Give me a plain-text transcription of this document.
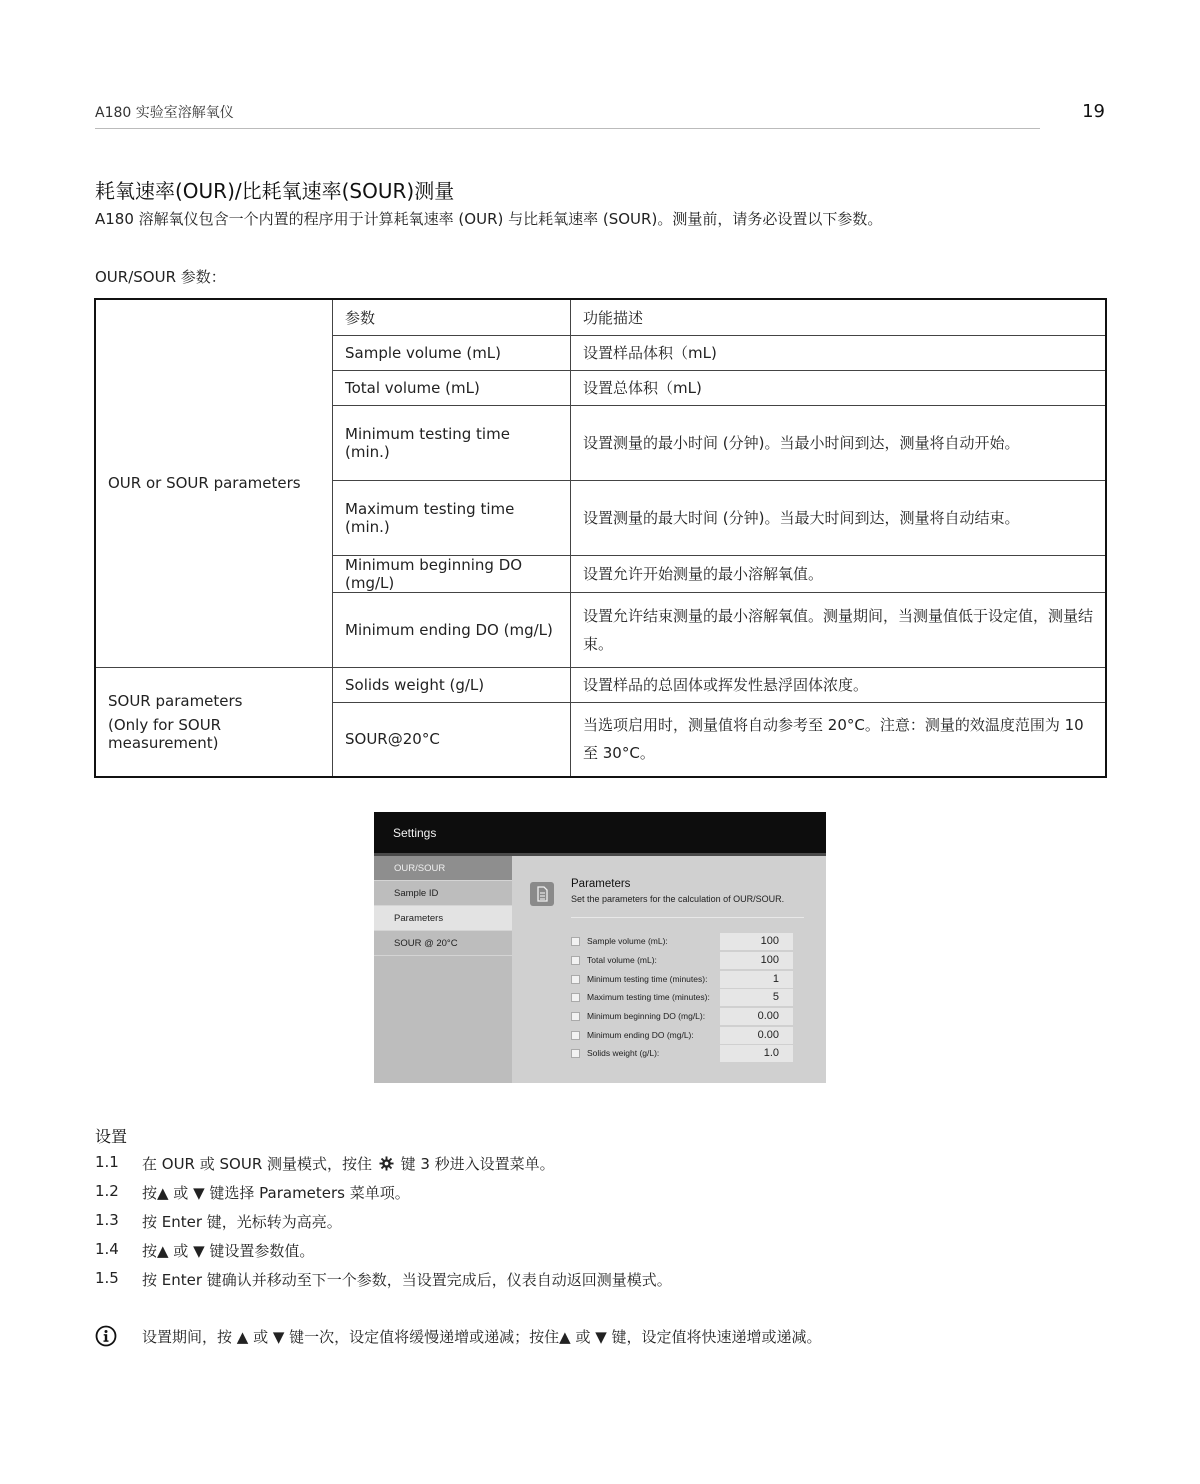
A180 实验室溶解氧仪	19
耗氧速率(OUR)/比耗氧速率(SOUR)测量
A180 溶解氧仪包含一个内置的程序用于计算耗氧速率 (OUR) 与比耗氧速率 (SOUR)。测量前，请务必设置以下参数。
OUR/SOUR 参数：
OUR or SOUR parameters	参数	功能描述
	Sample volume (mL)	设置样品体积（mL)
	Total volume (mL)	设置总体积（mL)
	Minimum testing time (min.)	设置测量的最小时间 (分钟)。当最小时间到达，测量将自动开始。
	Maximum testing time (min.)	设置测量的最大时间 (分钟)。当最大时间到达，测量将自动结束。
	Minimum beginning DO (mg/L)	设置允许开始测量的最小溶解氧值。
	Minimum ending DO (mg/L)	设置允许结束测量的最小溶解氧值。测量期间，当测量值低于设定值，测量结束。

SOUR parameters
(Only for SOUR measurement)	Solids weight (g/L)	设置样品的总固体或挥发性悬浮固体浓度。
	SOUR@20°C	当选项启用时，测量值将自动参考至 20°C。注意：测量的效温度范围为 10 至 30°C。
Settings
OUR/SOUR
Sample ID
Parameters
SOUR @ 20°C
Parameters
Set the parameters for the calculation of OUR/SOUR.
Sample volume (mL):	100
Total volume (mL):	100
Minimum testing time (minutes):	1
Maximum testing time (minutes):	5
Minimum beginning DO (mg/L):	0.00
Minimum ending DO (mg/L):	0.00
Solids weight (g/L):	1.0
设置
1.1	在 OUR 或 SOUR 测量模式，按住 键 3 秒进入设置菜单。
1.2	按▲ 或 ▼ 键选择 Parameters 菜单项。
1.3	按 Enter 键，光标转为高亮。
1.4	按▲ 或 ▼ 键设置参数值。
1.5	按 Enter 键确认并移动至下一个参数，当设置完成后，仪表自动返回测量模式。
设置期间，按 ▲ 或 ▼ 键一次，设定值将缓慢递增或递减；按住▲ 或 ▼ 键，设定值将快速递增或递减。
